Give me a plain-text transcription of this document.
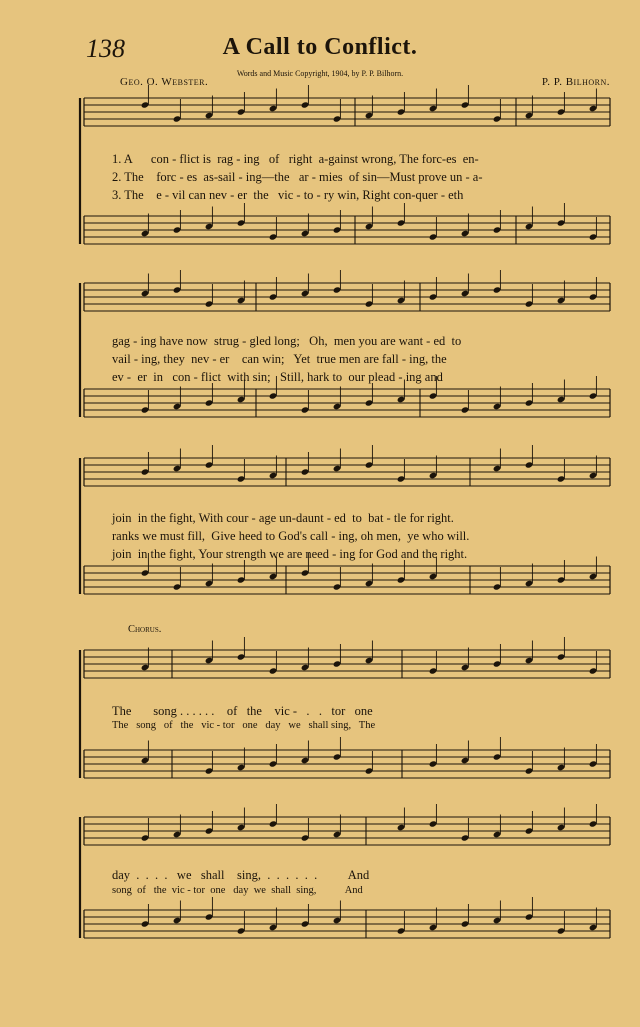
138	A Call to Conflict.
Words and Music Copyright, 1904, by P. P. Bilhorn.
Geo. O. Webster.	P. P. Bilhorn.
1. A      con - flict is  rag - ing   of   right  a-gainst wrong, The forc-es  en-
2. The    forc - es  as-sail - ing—the   ar - mies  of sin—Must prove un - a-
3. The    e - vil can nev - er  the   vic - to - ry win, Right con-quer - eth
gag - ing have now  strug - gled long;   Oh,  men you are want - ed  to
vail - ing, they  nev - er    can win;   Yet  true men are fall - ing, the
ev -  er  in   con - flict  with sin;   Still, hark to  our plead - ing and
join  in the fight, With cour - age un-daunt - ed  to  bat - tle for right.
ranks we must fill,  Give heed to God's call - ing, oh men,  ye who will.
join  in the fight, Your strength we are need - ing for God and the right.
Chorus.
The       song . . . . . .    of   the    vic -   .   .   tor   one
The   song   of   the   vic - tor   one   day   we   shall sing,   The
day  .  .  .  .   we   shall    sing,  .  .  .  .  .  .          And
song  of   the  vic - tor  one   day  we  shall  sing,           And
